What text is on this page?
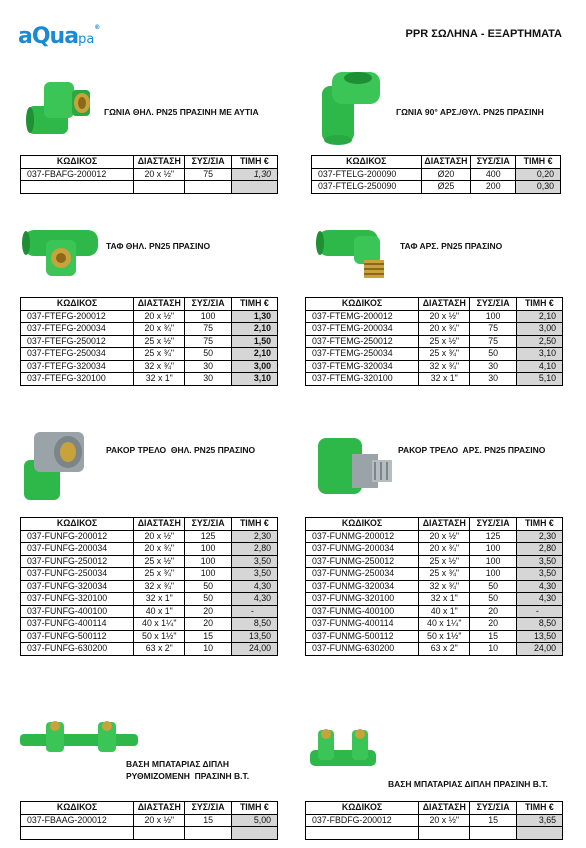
aQuapa®
PPR ΣΩΛΗΝΑ - ΕΞΑΡΤΗΜΑΤΑ
ΓΩΝΙΑ ΘΗΛ. PN25 ΠΡΑΣΙΝΗ ΜΕ ΑΥΤΙΑ	ΓΩΝΙΑ 90° ΑΡΣ./ΘΥΛ. PN25 ΠΡΑΣΙΝΗ
ΤΑΦ ΘΗΛ. PN25 ΠΡΑΣΙΝΟ	ΤΑΦ ΑΡΣ. PN25 ΠΡΑΣΙΝΟ
ΡΑΚΟΡ ΤΡΕΛΟ  ΘΗΛ. PN25 ΠΡΑΣΙΝΟ	ΡΑΚΟΡ ΤΡΕΛΟ  ΑΡΣ. PN25 ΠΡΑΣΙΝΟ
ΒΑΣΗ ΜΠΑΤΑΡΙΑΣ ΔΙΠΛΗ
ΡΥΘΜΙΖΟΜΕΝΗ  ΠΡΑΣΙΝΗ Β.Τ.
ΒΑΣΗ ΜΠΑΤΑΡΙΑΣ ΔΙΠΛΗ ΠΡΑΣΙΝΗ Β.Τ.
ΚΩΔΙΚΟΣ	ΔΙΑΣΤΑΣΗ	ΣΥΣ/ΣΙΑ	ΤΙΜΗ €
037-FBAFG-200012	20 x ½"	75	1,30

ΚΩΔΙΚΟΣ	ΔΙΑΣΤΑΣΗ	ΣΥΣ/ΣΙΑ	ΤΙΜΗ €
037-FTELG-200090	Ø20	400	0,20
037-FTELG-250090	Ø25	200	0,30
ΚΩΔΙΚΟΣ	ΔΙΑΣΤΑΣΗ	ΣΥΣ/ΣΙΑ	ΤΙΜΗ €
037-FTEFG-200012	20 x ½"	100	1,30
037-FTEFG-200034	20 x ¾"	75	2,10
037-FTEFG-250012	25 x ½"	75	1,50
037-FTEFG-250034	25 x ¾"	50	2,10
037-FTEFG-320034	32 x ¾"	30	3,00
037-FTEFG-320100	32 x 1"	30	3,10
ΚΩΔΙΚΟΣ	ΔΙΑΣΤΑΣΗ	ΣΥΣ/ΣΙΑ	ΤΙΜΗ €
037-FTEMG-200012	20 x ½"	100	2,10
037-FTEMG-200034	20 x ¾"	75	3,00
037-FTEMG-250012	25 x ½"	75	2,50
037-FTEMG-250034	25 x ¾"	50	3,10
037-FTEMG-320034	32 x ¾"	30	4,10
037-FTEMG-320100	32 x 1"	30	5,10
ΚΩΔΙΚΟΣ	ΔΙΑΣΤΑΣΗ	ΣΥΣ/ΣΙΑ	ΤΙΜΗ €
037-FUNFG-200012	20 x ½"	125	2,30
037-FUNFG-200034	20 x ¾"	100	2,80
037-FUNFG-250012	25 x ½"	100	3,50
037-FUNFG-250034	25 x ¾"	100	3,50
037-FUNFG-320034	32 x ¾"	50	4,30
037-FUNFG-320100	32 x 1"	50	4,30
037-FUNFG-400100	40 x 1"	20	-
037-FUNFG-400114	40 x 1¼"	20	8,50
037-FUNFG-500112	50 x 1½"	15	13,50
037-FUNFG-630200	63 x 2"	10	24,00
ΚΩΔΙΚΟΣ	ΔΙΑΣΤΑΣΗ	ΣΥΣ/ΣΙΑ	ΤΙΜΗ €
037-FUNMG-200012	20 x ½"	125	2,30
037-FUNMG-200034	20 x ¾"	100	2,80
037-FUNMG-250012	25 x ½"	100	3,50
037-FUNMG-250034	25 x ¾"	100	3,50
037-FUNMG-320034	32 x ¾"	50	4,30
037-FUNMG-320100	32 x 1"	50	4,30
037-FUNMG-400100	40 x 1"	20	-
037-FUNMG-400114	40 x 1¼"	20	8,50
037-FUNMG-500112	50 x 1½"	15	13,50
037-FUNMG-630200	63 x 2"	10	24,00
ΚΩΔΙΚΟΣ	ΔΙΑΣΤΑΣΗ	ΣΥΣ/ΣΙΑ	ΤΙΜΗ €
037-FBAAG-200012	20 x ½"	15	5,00

ΚΩΔΙΚΟΣ	ΔΙΑΣΤΑΣΗ	ΣΥΣ/ΣΙΑ	ΤΙΜΗ €
037-FBDFG-200012	20 x ½"	15	3,65
